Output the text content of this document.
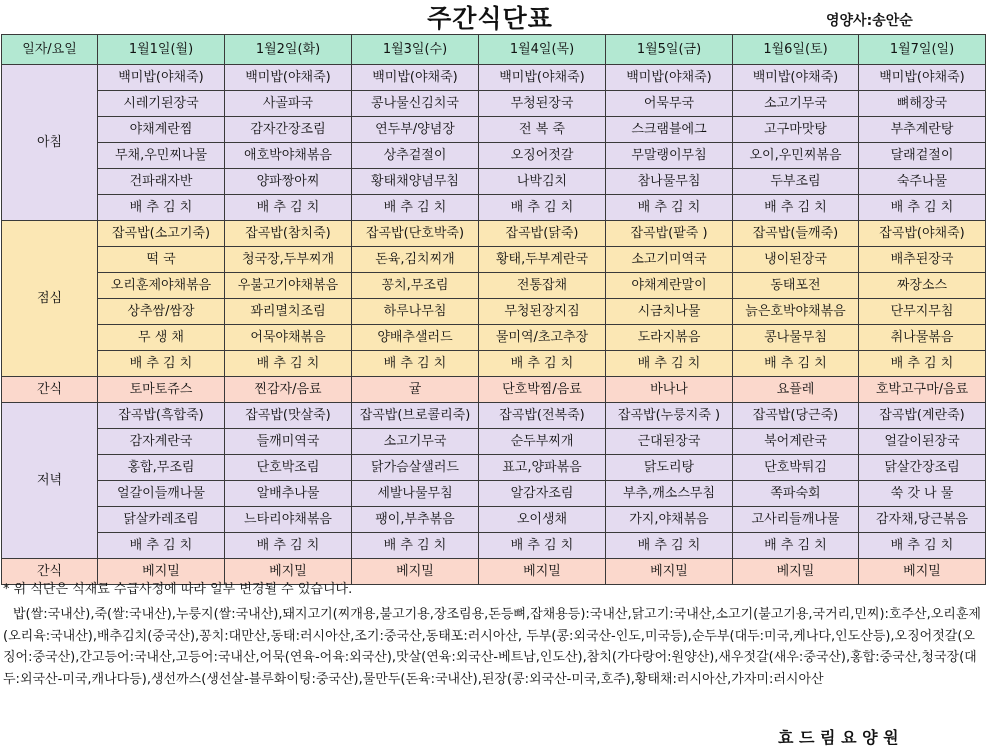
주간식단표	영양사:송안순
일자/요일	1월1일(월)	1월2일(화)	1월3일(수)	1월4일(목)	1월5일(금)	1월6일(토)	1월7일(일)
아침	백미밥(야채죽)	백미밥(야채죽)	백미밥(야채죽)	백미밥(야채죽)	백미밥(야채죽)	백미밥(야채죽)	백미밥(야채죽)
	시레기된장국	사골파국	콩나물신김치국	무청된장국	어묵무국	소고기무국	뼈해장국
	야채계란찜	감자간장조림	연두부/양념장	전 복 죽	스크램블에그	고구마맛탕	부추계란탕
	무채,우민찌나물	애호박야채볶음	상추겉절이	오징어젓갈	무말랭이무침	오이,우민찌볶음	달래겉절이
	건파래자반	양파짱아찌	황태채양념무침	나박김치	참나물무침	두부조림	숙주나물
	배 추 김 치	배 추 김 치	배 추 김 치	배 추 김 치	배 추 김 치	배 추 김 치	배 추 김 치
점심	잡곡밥(소고기죽)	잡곡밥(참치죽)	잡곡밥(단호박죽)	잡곡밥(닭죽)	잡곡밥(팥죽 )	잡곡밥(들깨죽)	잡곡밥(야채죽)
	떡 국	청국장,두부찌개	돈육,김치찌개	황태,두부계란국	소고기미역국	냉이된장국	배추된장국
	오리훈제야채볶음	우불고기야채볶음	꽁치,무조림	전통잡채	야채계란말이	동태포전	짜장소스
	상추쌈/쌈장	꽈리멸치조림	하루나무침	무청된장지짐	시금치나물	늙은호박야채볶음	단무지무침
	무 생 채	어묵야채볶음	양배추샐러드	물미역/초고추장	도라지볶음	콩나물무침	취나물볶음
	배 추 김 치	배 추 김 치	배 추 김 치	배 추 김 치	배 추 김 치	배 추 김 치	배 추 김 치
간식	토마토쥬스	찐감자/음료	귤	단호박찜/음료	바나나	요플레	호박고구마/음료
저녁	잡곡밥(흑합죽)	잡곡밥(맛살죽)	잡곡밥(브로콜리죽)	잡곡밥(전복죽)	잡곡밥(누룽지죽 )	잡곡밥(당근죽)	잡곡밥(계란죽)
	감자계란국	들깨미역국	소고기무국	순두부찌개	근대된장국	북어계란국	얼갈이된장국
	홍합,무조림	단호박조림	닭가슴살샐러드	표고,양파볶음	닭도리탕	단호박튀김	닭살간장조림
	얼갈이들깨나물	알배추나물	세발나물무침	알감자조림	부추,깨소스무침	쪽파숙회	쑥 갓 나 물
	닭살카레조림	느타리야채볶음	팽이,부추볶음	오이생채	가지,야채볶음	고사리들깨나물	감자채,당근볶음
	배 추 김 치	배 추 김 치	배 추 김 치	배 추 김 치	배 추 김 치	배 추 김 치	배 추 김 치
간식	베지밀	베지밀	베지밀	베지밀	베지밀	베지밀	베지밀
* 위 식단은 식재료 수급사정에 따라 일부 변경될 수 있습니다.
밥(쌀:국내산),죽(쌀:국내산),누룽지(쌀:국내산),돼지고기(찌개용,불고기용,장조림용,돈등뼈,잡채용등):국내산,닭고기:국내산,소고기(불고기용,국거리,민찌):호주산,오리훈제(오리육:국내산),배추김치(중국산),꽁치:대만산,동태:러시아산,조기:중국산,동태포:러시아산, 두부(콩:외국산-인도,미국등),순두부(대두:미국,케나다,인도산등),오징어젓갈(오징어:중국산),간고등어:국내산,고등어:국내산,어묵(연육-어육:외국산),맛살(연육:외국산-베트남,인도산),참치(가다랑어:원양산),새우젓갈(새우:중국산),홍합:중국산,청국장(대두:외국산-미국,캐나다등),생선까스(생선살-블루화이팅:중국산),물만두(돈육:국내산),된장(콩:외국산-미국,호주),황태채:러시아산,가자미:러시아산
효 드 림 요 양 원
